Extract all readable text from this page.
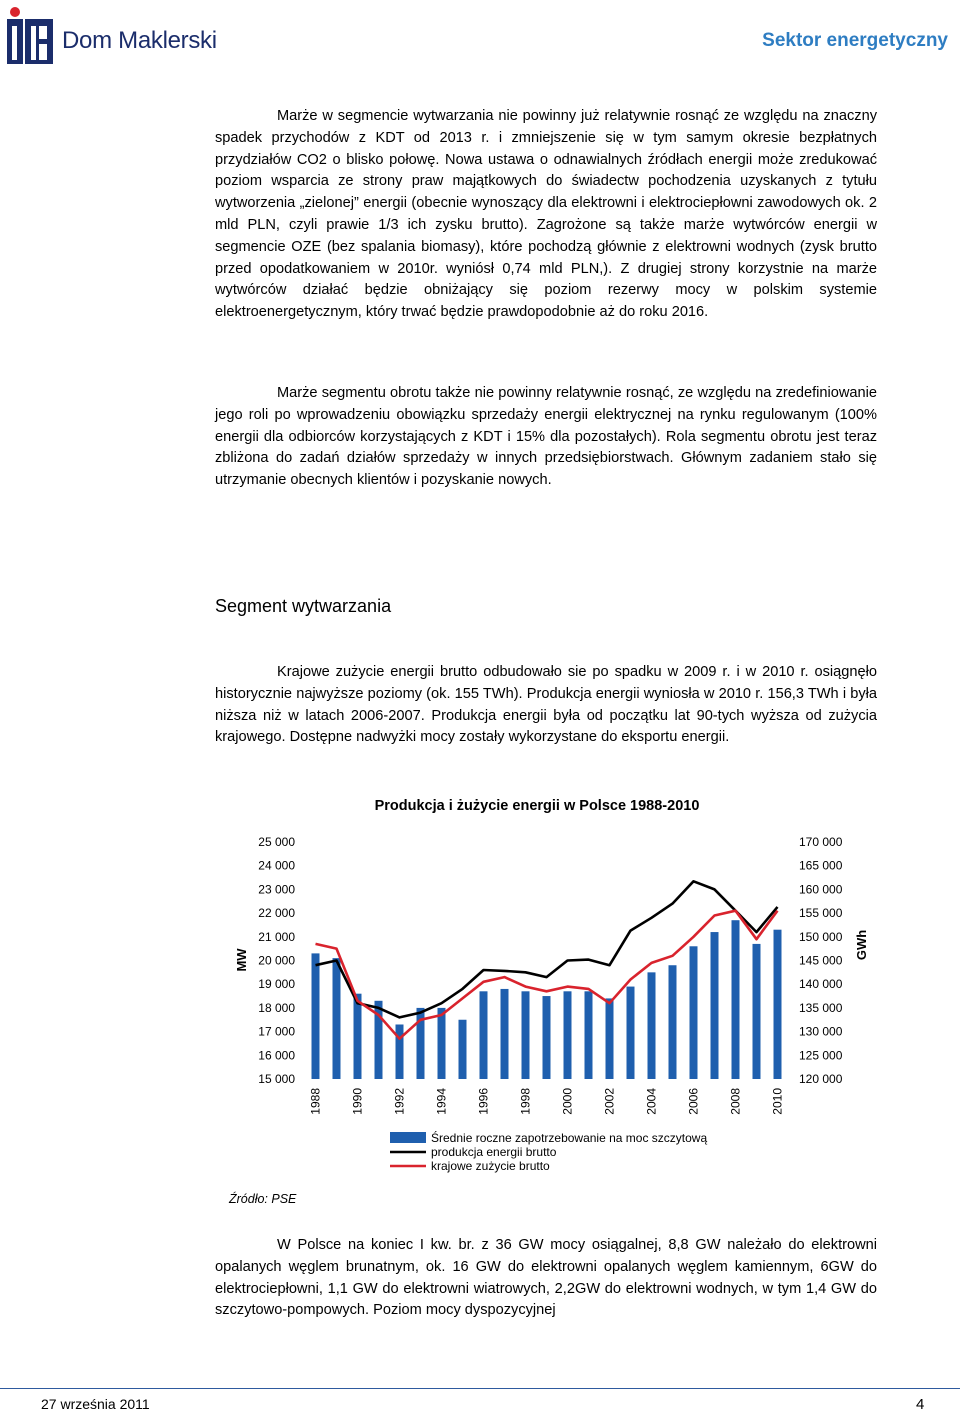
Dom Maklerski	Sektor energetyczny
Marże w segmencie wytwarzania nie powinny już relatywnie rosnąć ze względu na znaczny spadek przychodów z KDT od 2013 r. i zmniejszenie się w tym samym okresie bezpłatnych przydziałów CO2 o blisko połowę. Nowa ustawa o odnawialnych źródłach energii może zredukować poziom wsparcia ze strony praw majątkowych do świadectw pochodzenia uzyskanych z tytułu wytworzenia „zielonej” energii (obecnie wynoszący dla elektrowni i elektrociepłowni zawodowych ok. 2 mld PLN, czyli prawie 1/3 ich zysku brutto). Zagrożone są także marże wytwórców energii w segmencie OZE (bez spalania biomasy), które pochodzą głównie z elektrowni wodnych (zysk brutto przed opodatkowaniem w 2010r. wyniósł 0,74 mld PLN,). Z drugiej strony korzystnie na marże wytwórców działać będzie obniżający się poziom rezerwy mocy w polskim systemie elektroenergetycznym, który trwać będzie prawdopodobnie aż do roku 2016.
Marże segmentu obrotu także nie powinny relatywnie rosnąć, ze względu na zredefiniowanie jego roli po wprowadzeniu obowiązku sprzedaży energii elektrycznej na rynku regulowanym (100% energii dla odbiorców korzystających z KDT i 15% dla pozostałych). Rola segmentu obrotu jest teraz zbliżona do zadań działów sprzedaży w innych przedsiębiorstwach. Głównym zadaniem stało się utrzymanie obecnych klientów i pozyskanie nowych.
Segment wytwarzania
Krajowe zużycie energii brutto odbudowało sie po spadku w 2009 r. i w 2010 r. osiągnęło historycznie najwyższe poziomy (ok. 155 TWh). Produkcja energii wyniosła w 2010 r. 156,3 TWh i była niższa niż w latach 2006-2007. Produkcja energii była od początku lat 90-tych wyższa od zużycia krajowego. Dostępne nadwyżki mocy zostały wykorzystane do eksportu energii.
Produkcja i żużycie energii w Polsce 1988-2010
15 000
16 000
17 000
18 000
19 000
20 000
21 000
22 000
23 000
24 000
25 000
120 000
125 000
130 000
135 000
140 000
145 000
150 000
155 000
160 000
165 000
170 000
MW	GWh
1988 1990 1992 1994 1996 1998 2000 2002 2004 2006 2008 2010
Średnie roczne zapotrzebowanie na moc szczytową
produkcja energii brutto
krajowe zużycie brutto
Źródło: PSE
W Polsce na koniec I kw. br. z 36 GW mocy osiągalnej, 8,8 GW należało do elektrowni opalanych węglem brunatnym, ok. 16 GW do elektrowni opalanych węglem kamiennym, 6GW do elektrociepłowni, 1,1 GW do elektrowni wiatrowych, 2,2GW do elektrowni wodnych, w tym 1,4 GW do szczytowo-pompowych. Poziom mocy dyspozycyjnej
27 września 2011	4
